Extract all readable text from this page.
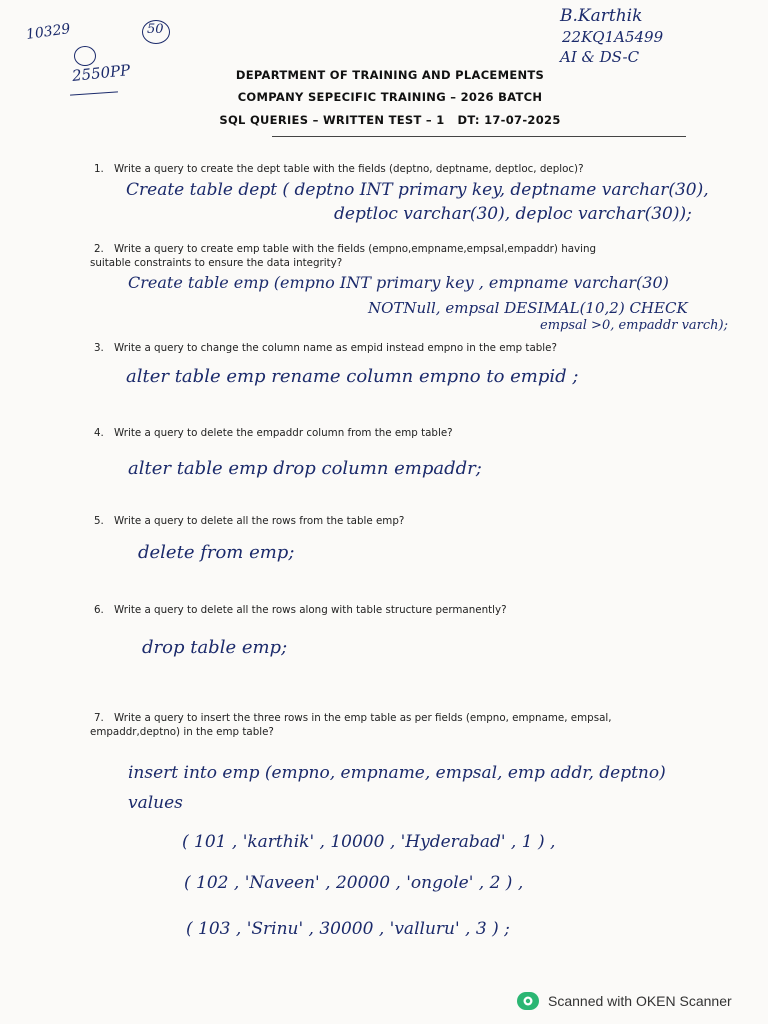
10329	50
2550PP
B.Karthik
22KQ1A5499
AI & DS-C
DEPARTMENT OF TRAINING AND PLACEMENTS
COMPANY SEPECIFIC TRAINING – 2026 BATCH
SQL QUERIES – WRITTEN TEST – 1   DT: 17-07-2025
1. Write a query to create the dept table with the fields (deptno, deptname, deptloc, deploc)?
Create table dept ( deptno INT primary key, deptname varchar(30),
deptloc varchar(30), deploc varchar(30));
2. Write a query to create emp table with the fields (empno,empname,empsal,empaddr) having
suitable constraints to ensure the data integrity?
Create table emp (empno INT primary key , empname varchar(30)
NOTNull, empsal DESIMAL(10,2) CHECK
empsal >0, empaddr varch);
3. Write a query to change the column name as empid instead empno in the emp table?
alter table emp rename column empno to empid ;
4. Write a query to delete the empaddr column from the emp table?
alter table emp drop column empaddr;
5. Write a query to delete all the rows from the table emp?
delete from emp;
6. Write a query to delete all the rows along with table structure permanently?
drop table emp;
7. Write a query to insert the three rows in the emp table as per fields (empno, empname, empsal,
empaddr,deptno) in the emp table?
insert into emp (empno, empname, empsal, emp addr, deptno)
values
( 101 , 'karthik' , 10000 , 'Hyderabad' , 1 ) ,
( 102 , 'Naveen' , 20000 , 'ongole' , 2 ) ,
( 103 , 'Srinu' , 30000 , 'valluru' , 3 ) ;
Scanned with OKEN Scanner
